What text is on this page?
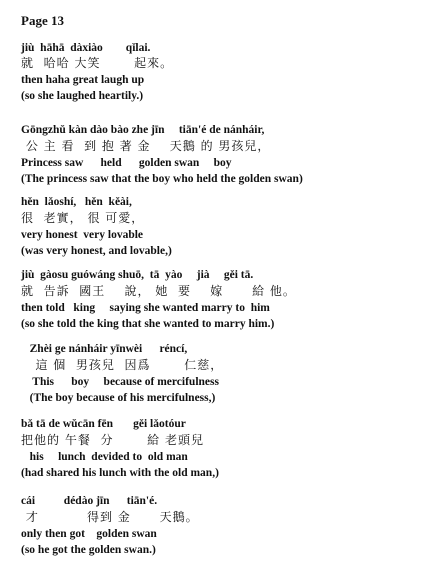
Page 13
jiù  hāhā  dàxiào        qǐlai.
就  哈哈 大笑       起來。
then haha great laugh up
(so she laughed heartily.)
Gōngzhǔ kàn dào bào zhe jīn     tiān'é de nánháir,
公 主 看  到 抱 著 金    天鵝 的 男孩兒，
Princess saw      held      golden swan     boy
(The princess saw that the boy who held the golden swan)
hěn  lǎoshí,   hěn  kěài,
很  老實， 很 可愛，
very honest  very lovable
(was very honest, and lovable,)
jiù  gàosu guówáng shuō,  tā  yào     jià     gěi tā.
就  告訴  國王    說， 她  要    嫁      給 他。
then told   king     saying she wanted marry to  him
(so she told the king that she wanted to marry him.)
Zhèi ge nánháir yīnwèi      réncí,
這 個  男孩兒  因爲       仁慈，
This      boy     because of mercifulness
(The boy because of his mercifulness,)
bǎ tā de wǔcān fēn       gěi lǎotóur
把他的 午餐  分       給 老頭兒
his     lunch  devided to  old man
(had shared his lunch with the old man,)
cái          dédào jīn      tiān'é.
才          得到 金      天鵝。
only then got    golden swan
(so he got the golden swan.)
